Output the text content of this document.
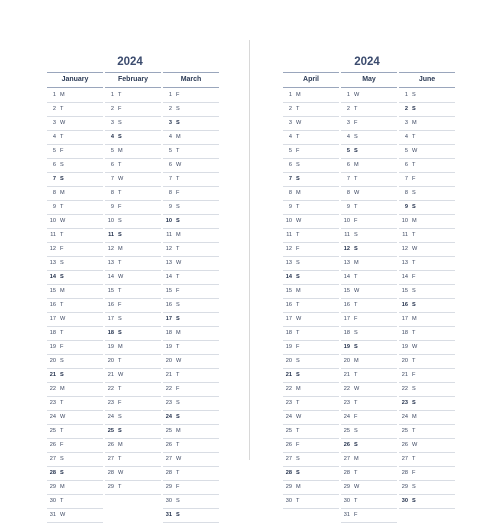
2024
January
1 M
2 T
3 W
4 T
5 F
6 S
7 S
8 M
9 T
10 W
11 T
12 F
13 S
14 S
15 M
16 T
17 W
18 T
19 F
20 S
21 S
22 M
23 T
24 W
25 T
26 F
27 S
28 S
29 M
30 T
31 W
February
1 T
2 F
3 S
4 S
5 M
6 T
7 W
8 T
9 F
10 S
11 S
12 M
13 T
14 W
15 T
16 F
17 S
18 S
19 M
20 T
21 W
22 T
23 F
24 S
25 S
26 M
27 T
28 W
29 T
March
1 F
2 S
3 S
4 M
5 T
6 W
7 T
8 F
9 S
10 S
11 M
12 T
13 W
14 T
15 F
16 S
17 S
18 M
19 T
20 W
21 T
22 F
23 S
24 S
25 M
26 T
27 W
28 T
29 F
30 S
31 S
2024
April
1 M
2 T
3 W
4 T
5 F
6 S
7 S
8 M
9 T
10 W
11 T
12 F
13 S
14 S
15 M
16 T
17 W
18 T
19 F
20 S
21 S
22 M
23 T
24 W
25 T
26 F
27 S
28 S
29 M
30 T
May
1 W
2 T
3 F
4 S
5 S
6 M
7 T
8 W
9 T
10 F
11 S
12 S
13 M
14 T
15 W
16 T
17 F
18 S
19 S
20 M
21 T
22 W
23 T
24 F
25 S
26 S
27 M
28 T
29 W
30 T
31 F
June
1 S
2 S
3 M
4 T
5 W
6 T
7 F
8 S
9 S
10 M
11 T
12 W
13 T
14 F
15 S
16 S
17 M
18 T
19 W
20 T
21 F
22 S
23 S
24 M
25 T
26 W
27 T
28 F
29 S
30 S
